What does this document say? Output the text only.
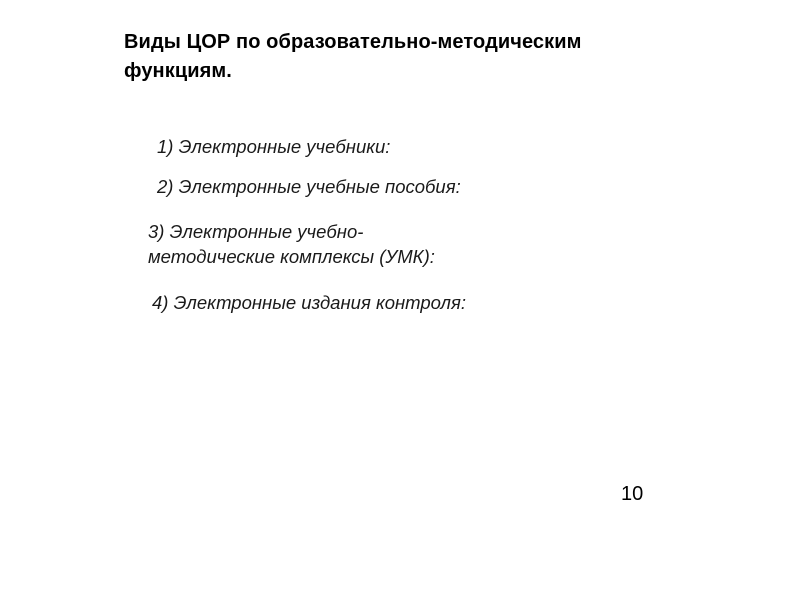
Виды ЦОР по образовательно-методическим
функциям.
1) Электронные учебники:
2) Электронные учебные пособия:
3) Электронные учебно-
методические комплексы (УМК):
4) Электронные издания контроля:
10
